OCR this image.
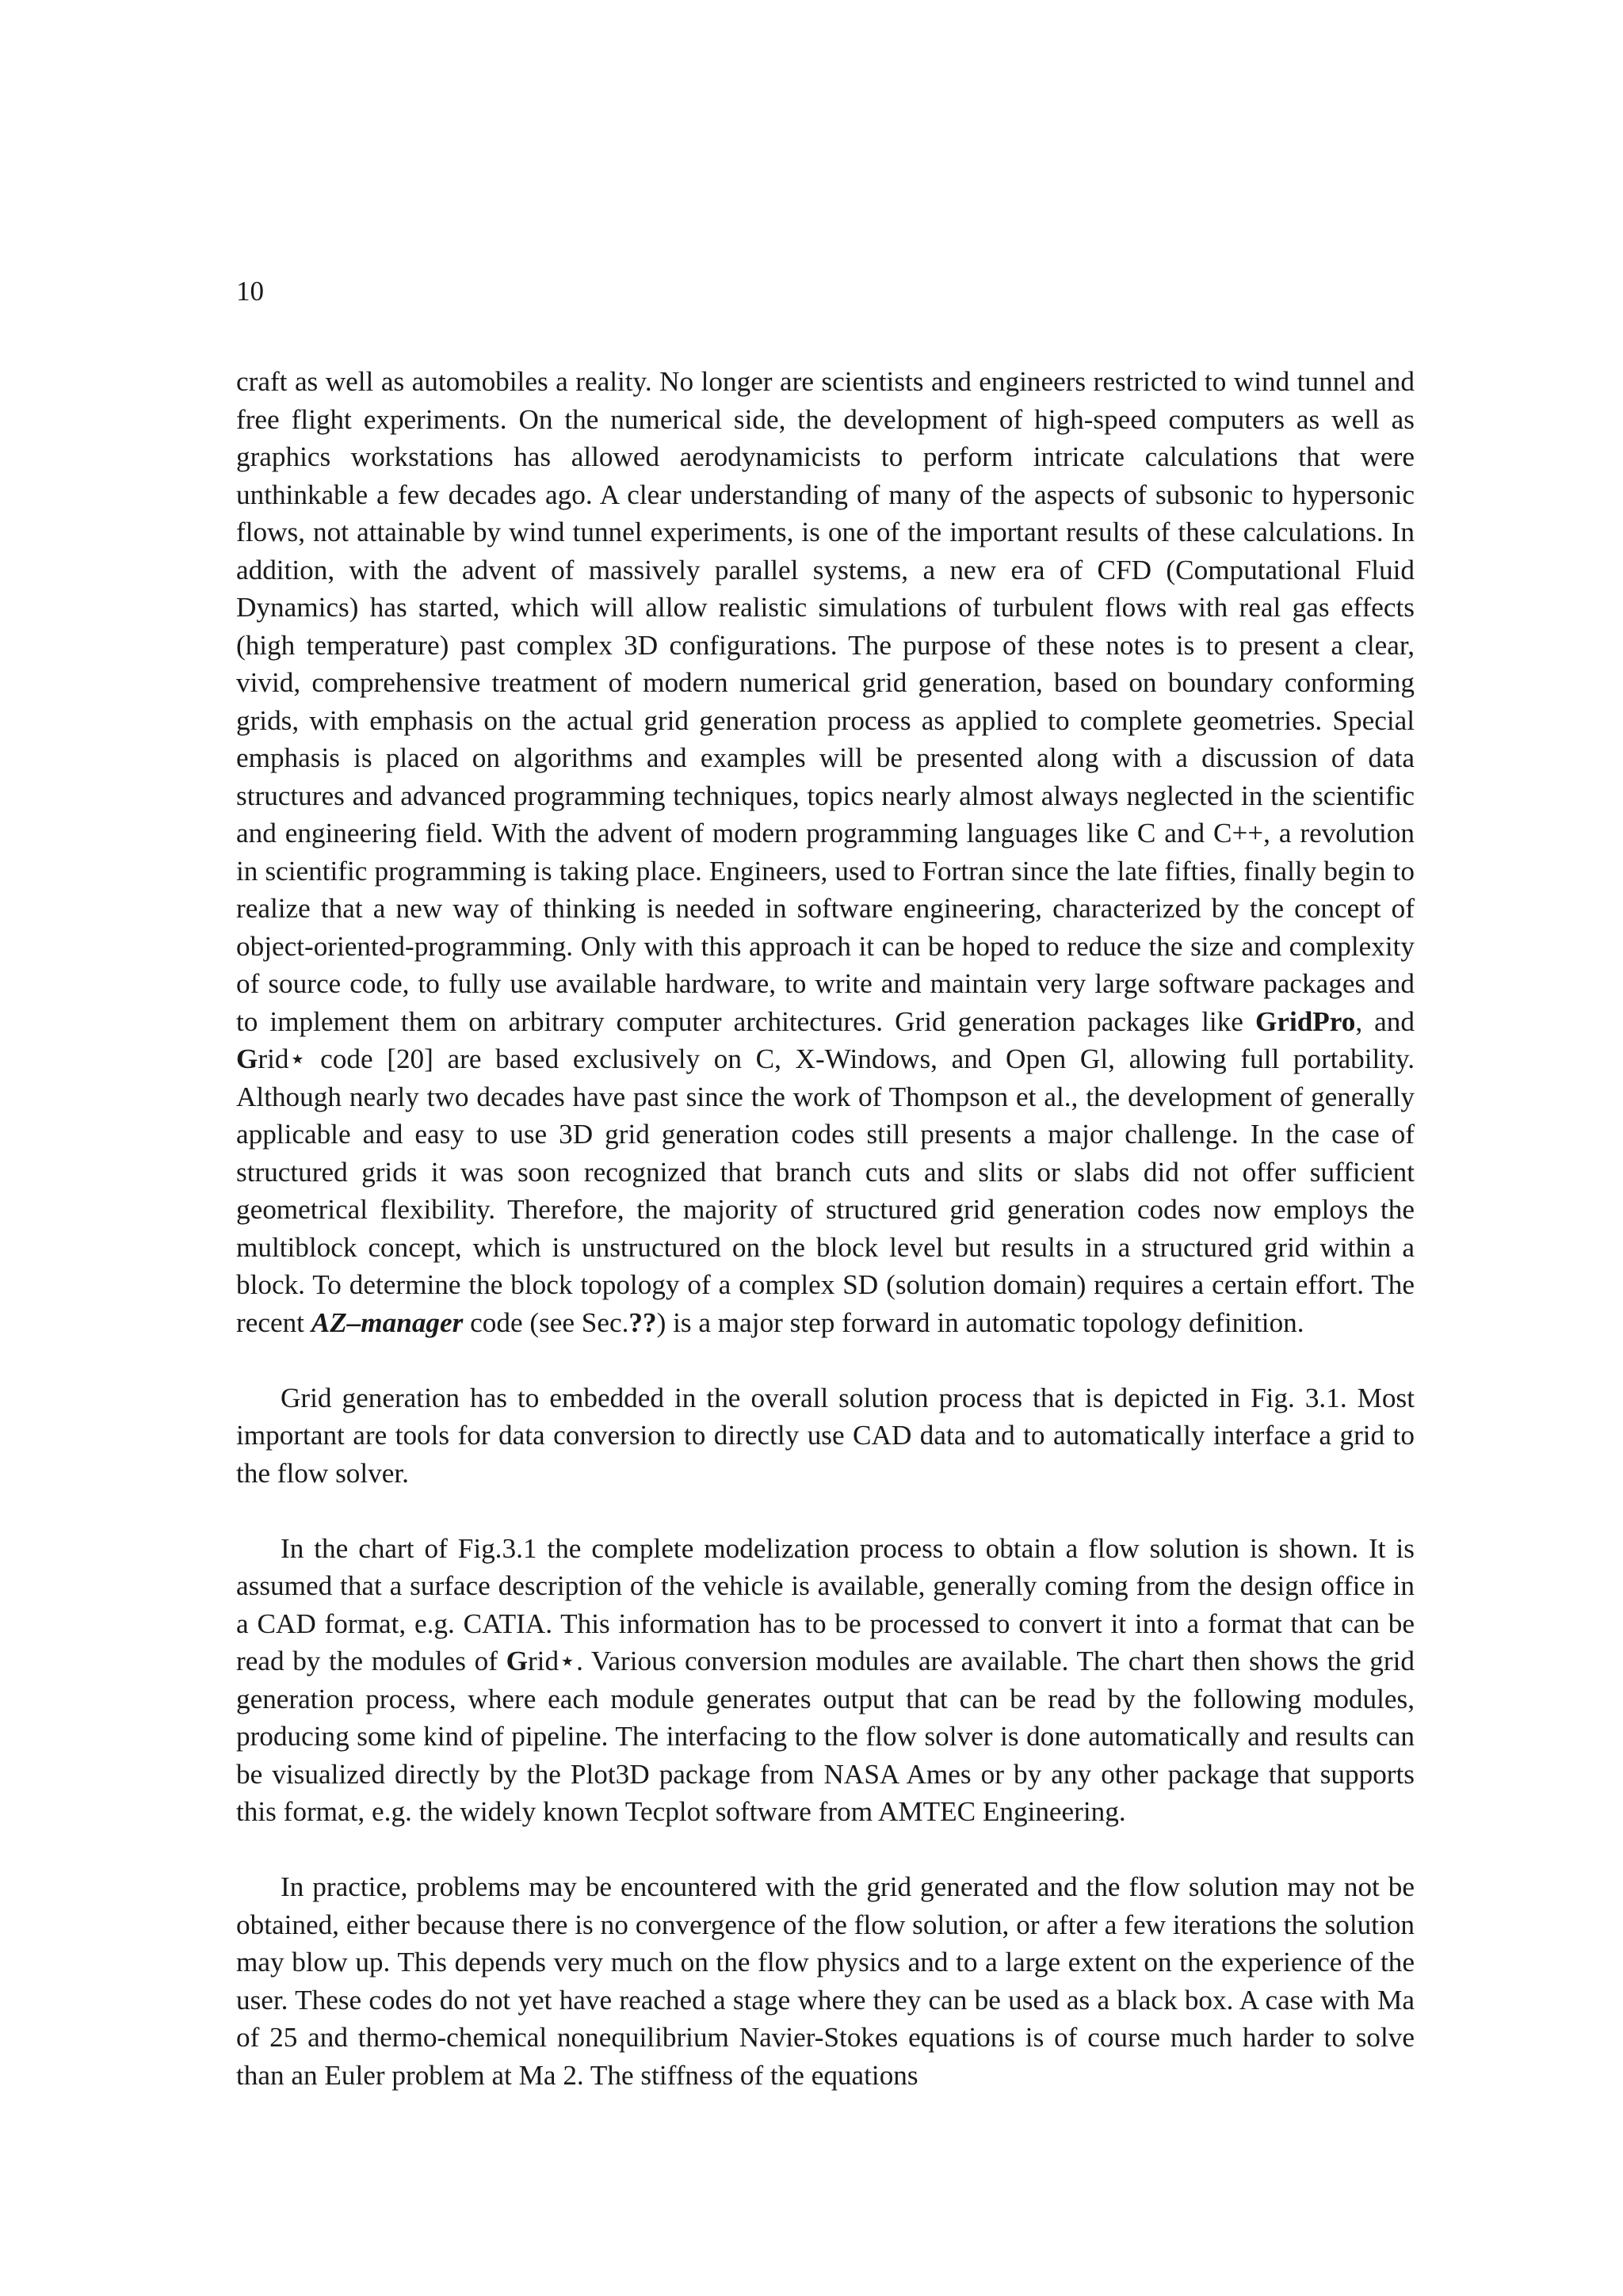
10

craft as well as automobiles a reality. No longer are scientists and engineers restricted to wind tunnel and free flight experiments. On the numerical side, the development of high-speed computers as well as graphics workstations has allowed aerodynamicists to perform intricate calculations that were unthinkable a few decades ago. A clear understanding of many of the aspects of subsonic to hypersonic flows, not attainable by wind tunnel experiments, is one of the important results of these calculations. In addition, with the advent of massively parallel systems, a new era of CFD (Computational Fluid Dynamics) has started, which will allow realistic simulations of turbulent flows with real gas effects (high temperature) past complex 3D configurations. The purpose of these notes is to present a clear, vivid, comprehensive treatment of modern numerical grid generation, based on boundary conforming grids, with emphasis on the actual grid generation process as applied to complete geometries. Special emphasis is placed on algorithms and examples will be presented along with a discussion of data structures and advanced programming techniques, topics nearly almost always neglected in the scientific and engineering field. With the advent of modern programming languages like C and C++, a revolution in scientific programming is taking place. Engineers, used to Fortran since the late fifties, finally begin to realize that a new way of thinking is needed in software engineering, characterized by the concept of object-oriented-programming. Only with this approach it can be hoped to reduce the size and complexity of source code, to fully use available hardware, to write and maintain very large software packages and to implement them on arbitrary computer architectures. Grid generation packages like GridPro, and Grid⋆ code [20] are based exclusively on C, X-Windows, and Open Gl, allowing full portability. Although nearly two decades have past since the work of Thompson et al., the development of generally applicable and easy to use 3D grid generation codes still presents a major challenge. In the case of structured grids it was soon recognized that branch cuts and slits or slabs did not offer sufficient geometrical flexibility. Therefore, the majority of structured grid generation codes now employs the multiblock concept, which is unstructured on the block level but results in a structured grid within a block. To determine the block topology of a complex SD (solution domain) requires a certain effort. The recent AZ–manager code (see Sec.??) is a major step forward in automatic topology definition.

Grid generation has to embedded in the overall solution process that is depicted in Fig. 3.1. Most important are tools for data conversion to directly use CAD data and to automatically interface a grid to the flow solver.

In the chart of Fig.3.1 the complete modelization process to obtain a flow solution is shown. It is assumed that a surface description of the vehicle is available, generally coming from the design office in a CAD format, e.g. CATIA. This information has to be processed to convert it into a format that can be read by the modules of Grid⋆. Various conversion modules are available. The chart then shows the grid generation process, where each module generates output that can be read by the following modules, producing some kind of pipeline. The interfacing to the flow solver is done automatically and results can be visualized directly by the Plot3D package from NASA Ames or by any other package that supports this format, e.g. the widely known Tecplot software from AMTEC Engineering.

In practice, problems may be encountered with the grid generated and the flow solution may not be obtained, either because there is no convergence of the flow solution, or after a few iterations the solution may blow up. This depends very much on the flow physics and to a large extent on the experience of the user. These codes do not yet have reached a stage where they can be used as a black box. A case with Ma of 25 and thermo-chemical nonequilibrium Navier-Stokes equations is of course much harder to solve than an Euler problem at Ma 2. The stiffness of the equations
